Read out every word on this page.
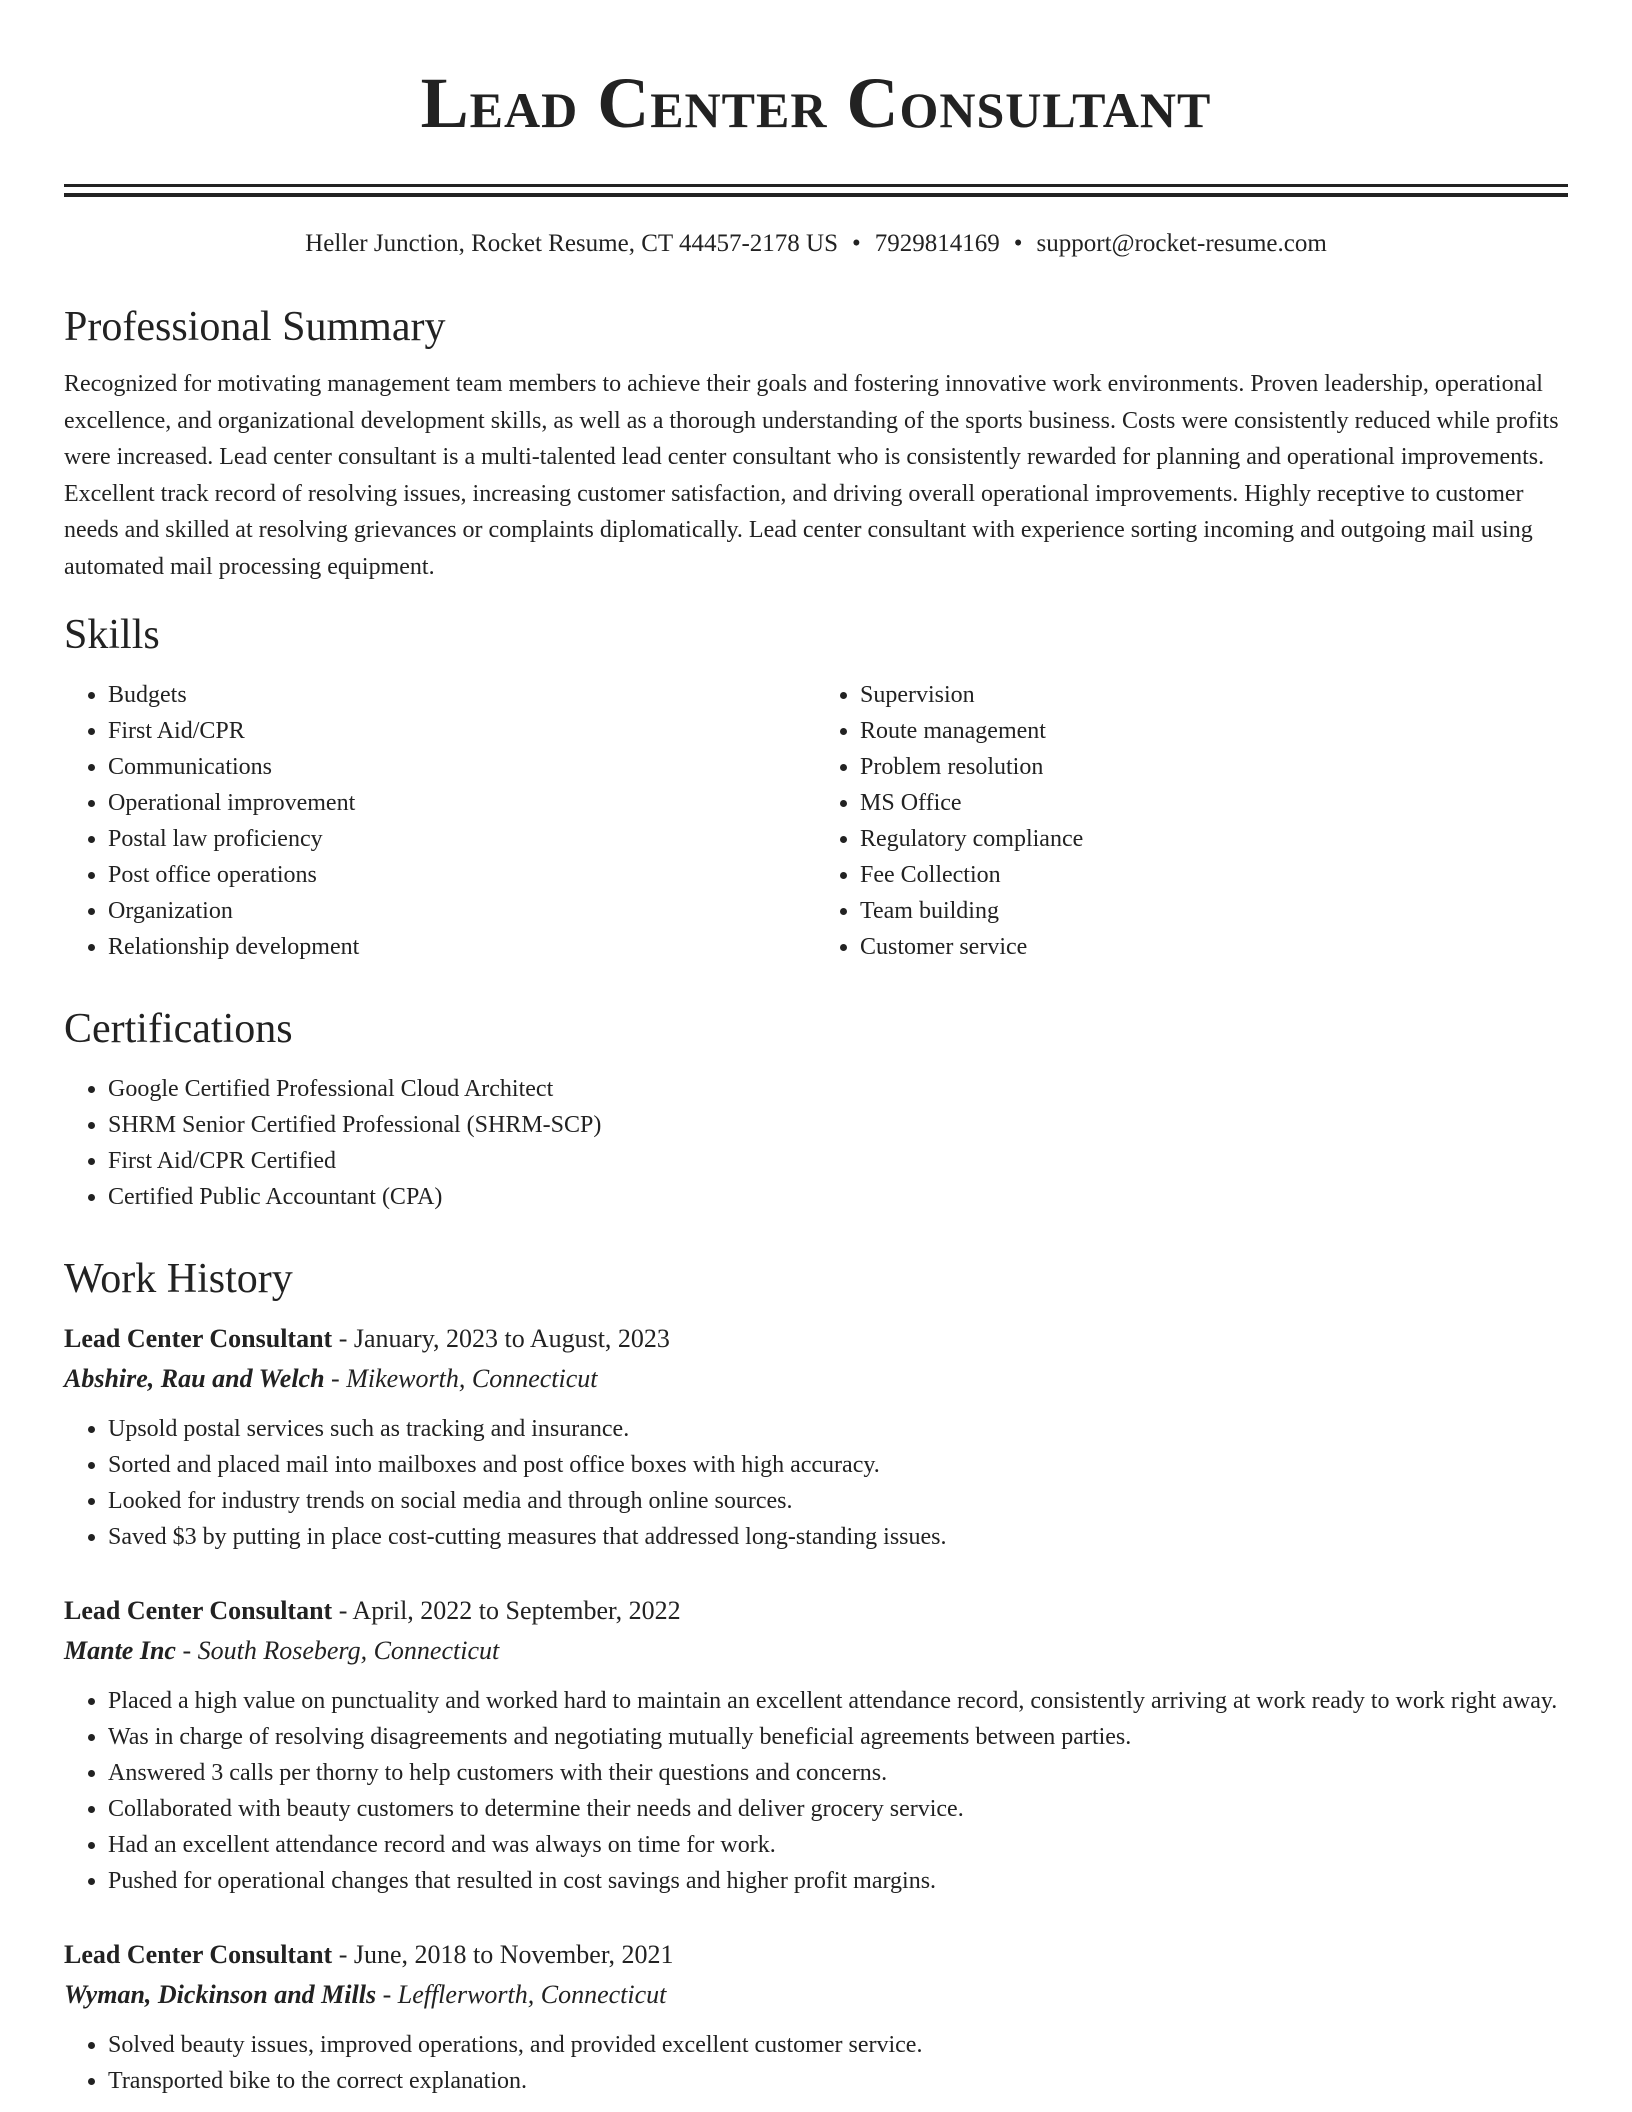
Lead Center Consultant
Heller Junction, Rocket Resume, CT 44457-2178 US • 7929814169 • support@rocket-resume.com
Professional Summary

Recognized for motivating management team members to achieve their goals and fostering innovative work environments. Proven leadership, operational excellence, and organizational development skills, as well as a thorough understanding of the sports business. Costs were consistently reduced while profits were increased. Lead center consultant is a multi-talented lead center consultant who is consistently rewarded for planning and operational improvements. Excellent track record of resolving issues, increasing customer satisfaction, and driving overall operational improvements. Highly receptive to customer needs and skilled at resolving grievances or complaints diplomatically. Lead center consultant with experience sorting incoming and outgoing mail using automated mail processing equipment.

Skills
• Budgets
• First Aid/CPR
• Communications
• Operational improvement
• Postal law proficiency
• Post office operations
• Organization
• Relationship development
• Supervision
• Route management
• Problem resolution
• MS Office
• Regulatory compliance
• Fee Collection
• Team building
• Customer service
Certifications
• Google Certified Professional Cloud Architect
• SHRM Senior Certified Professional (SHRM-SCP)
• First Aid/CPR Certified
• Certified Public Accountant (CPA)
Work History
Lead Center Consultant - January, 2023 to August, 2023
Abshire, Rau and Welch - Mikeworth, Connecticut
• Upsold postal services such as tracking and insurance.
• Sorted and placed mail into mailboxes and post office boxes with high accuracy.
• Looked for industry trends on social media and through online sources.
• Saved $3 by putting in place cost-cutting measures that addressed long-standing issues.
Lead Center Consultant - April, 2022 to September, 2022
Mante Inc - South Roseberg, Connecticut
• Placed a high value on punctuality and worked hard to maintain an excellent attendance record, consistently arriving at work ready to work right away.
• Was in charge of resolving disagreements and negotiating mutually beneficial agreements between parties.
• Answered 3 calls per thorny to help customers with their questions and concerns.
• Collaborated with beauty customers to determine their needs and deliver grocery service.
• Had an excellent attendance record and was always on time for work.
• Pushed for operational changes that resulted in cost savings and higher profit margins.
Lead Center Consultant - June, 2018 to November, 2021
Wyman, Dickinson and Mills - Lefflerworth, Connecticut
• Solved beauty issues, improved operations, and provided excellent customer service.
• Transported bike to the correct explanation.
